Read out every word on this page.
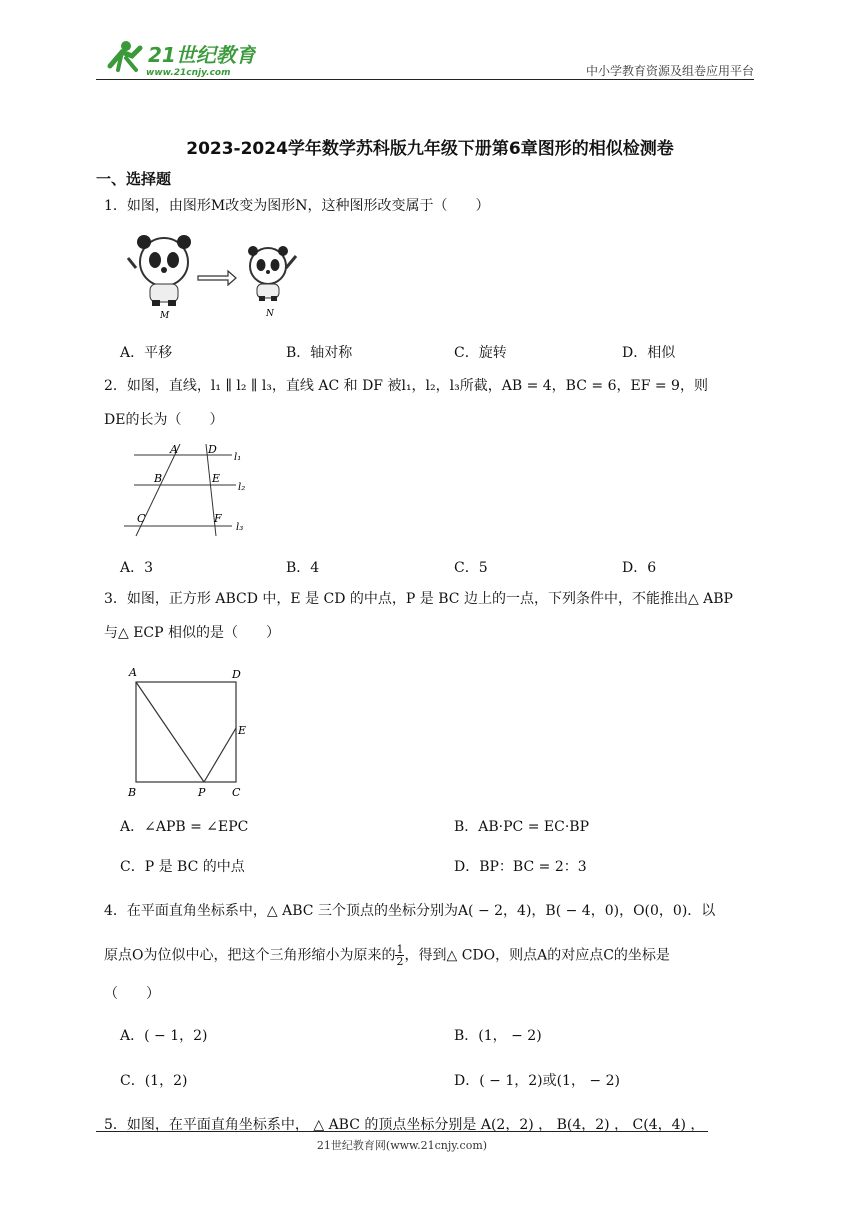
21世纪教育
www.21cnjy.com	中小学教育资源及组卷应用平台
2023-2024学年数学苏科版九年级下册第6章图形的相似检测卷
一、选择题
1．如图，由图形M改变为图形N，这种图形改变属于（　　）
M	N
A．平移	B．轴对称	C．旋转	D．相似
2．如图，直线，l₁ ∥ l₂ ∥ l₃，直线 AC 和 DF 被l₁，l₂，l₃所截，AB = 4，BC = 6，EF = 9，则
DE的长为（　　）
A	D
B	E
C	F
l₁
l₂
l₃
A．3	B．4	C．5	D．6
3．如图，正方形 ABCD 中，E 是 CD 的中点，P 是 BC 边上的一点，下列条件中，不能推出△ ABP
与△ ECP 相似的是（　　）
A	D
E
B	P C
A．∠APB = ∠EPC	B．AB·PC = EC·BP
C．P 是 BC 的中点	D．BP：BC = 2：3
4．在平面直角坐标系中，△ ABC 三个顶点的坐标分别为A( − 2，4)，B( − 4，0)，O(0，0)．以
原点O为位似中心，把这个三角形缩小为原来的 $\frac{1}{2}$ ，得到△ CDO，则点A的对应点C的坐标是
（　　）
A．( − 1，2)	B．(1， − 2)
C．(1，2)	D．( − 1，2)或(1， − 2)
5．如图，在平面直角坐标系中， △ ABC 的顶点坐标分别是 A(2，2) ， B(4，2) ， C(4，4) ，
21世纪教育网(www.21cnjy.com)
